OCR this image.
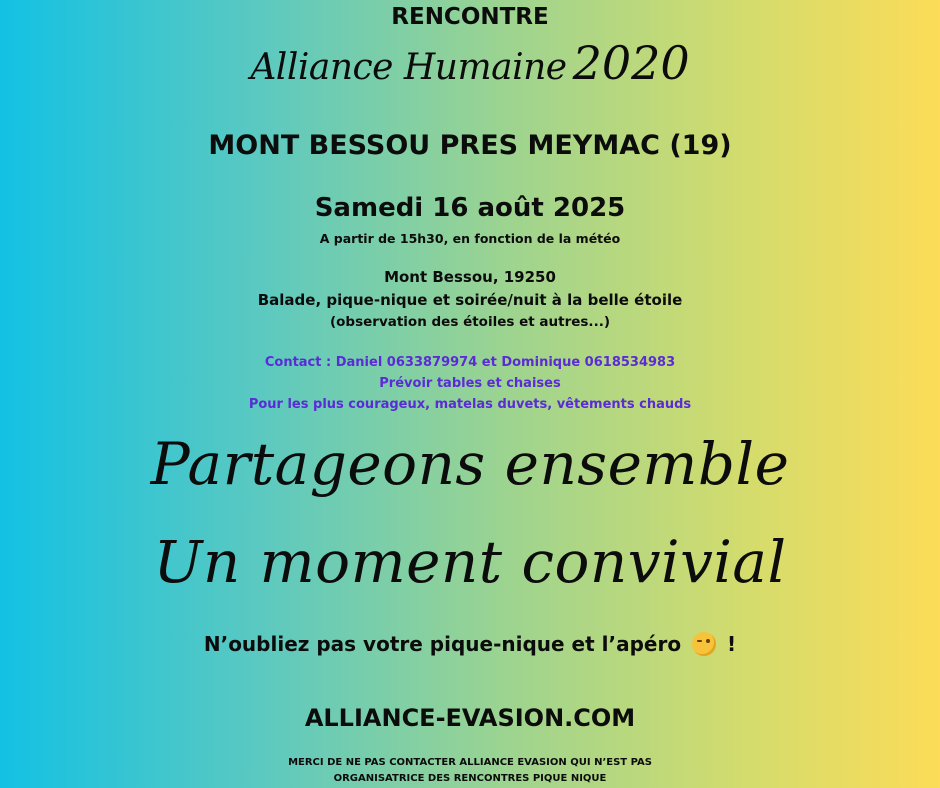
RENCONTRE
Alliance Humaine 2020
MONT BESSOU PRES MEYMAC (19)
Samedi 16 août 2025
A partir de 15h30, en fonction de la météo
Mont Bessou, 19250
Balade, pique-nique et soirée/nuit à la belle étoile
(observation des étoiles et autres...)
Contact : Daniel 0633879974 et Dominique 0618534983
Prévoir tables et chaises
Pour les plus courageux, matelas duvets, vêtements chauds
Partageons ensemble
Un moment convivial
N’oubliez pas votre pique-nique et l’apéro !
ALLIANCE-EVASION.COM
MERCI DE NE PAS CONTACTER ALLIANCE EVASION QUI N’EST PAS
ORGANISATRICE DES RENCONTRES PIQUE NIQUE
